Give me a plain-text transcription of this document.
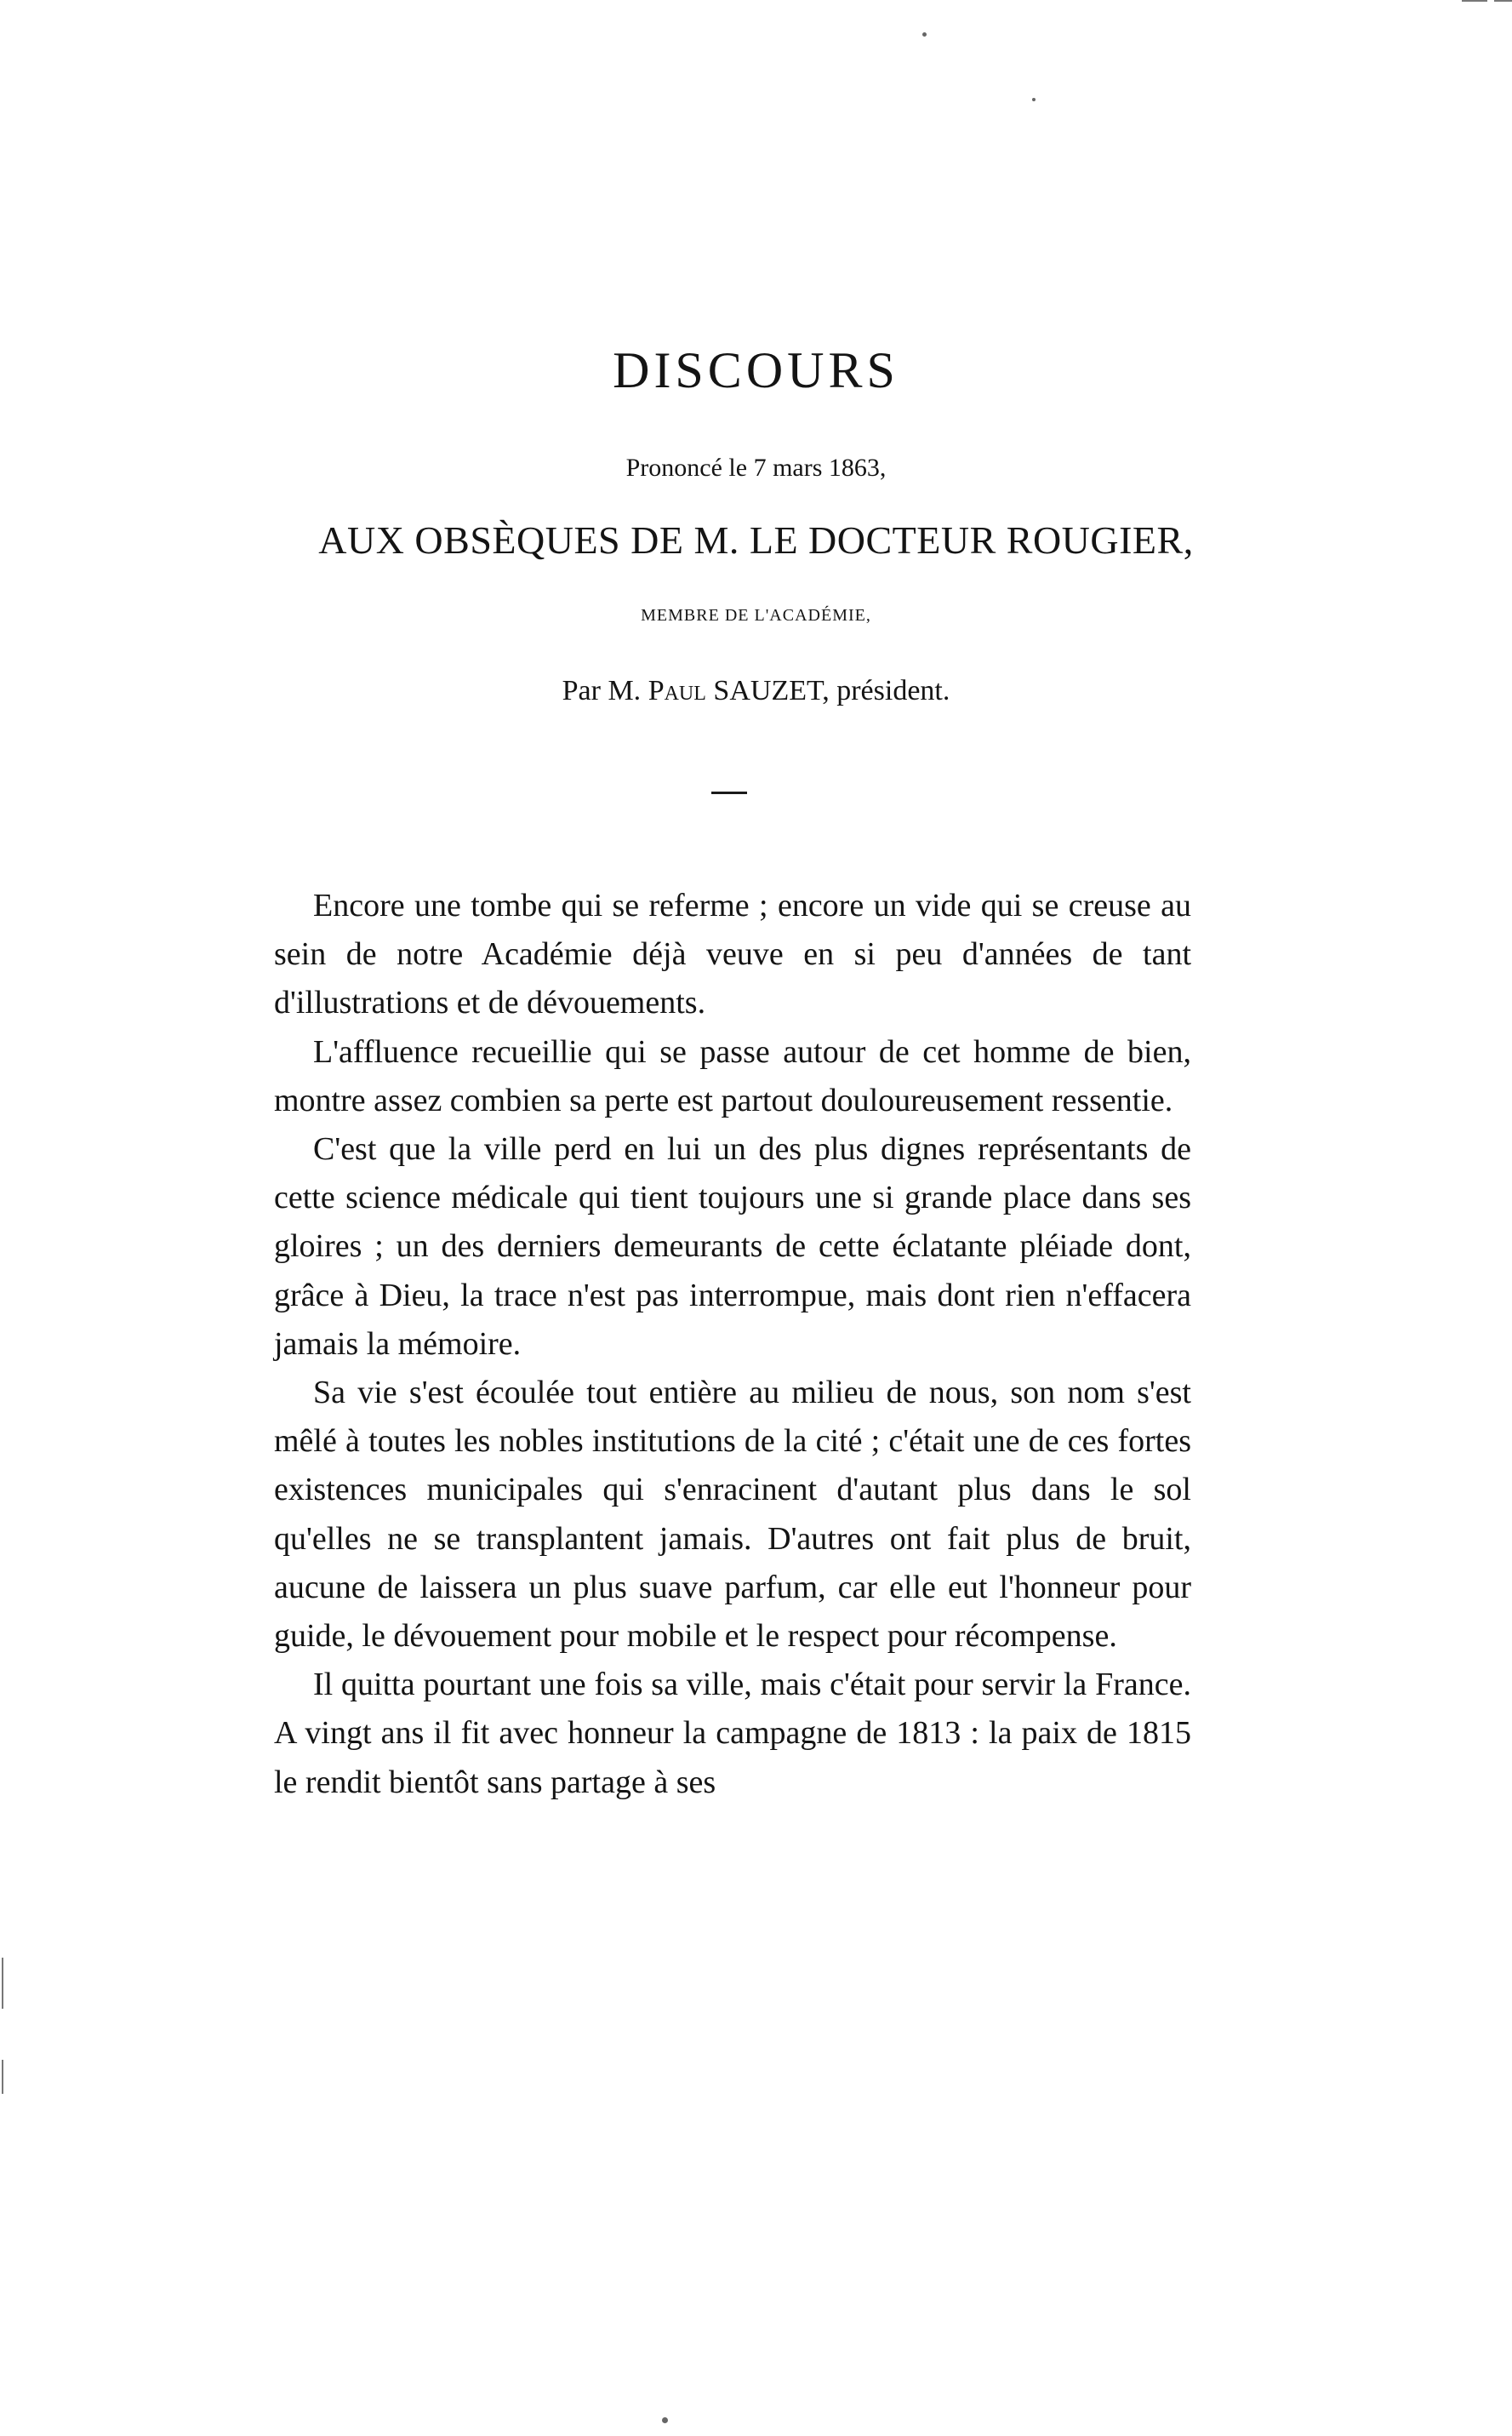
DISCOURS
Prononcé le 7 mars 1863,
AUX OBSÈQUES DE M. LE DOCTEUR ROUGIER,
MEMBRE DE L'ACADÉMIE,
Par M. Paul SAUZET, président.

Encore une tombe qui se referme ; encore un vide qui se creuse au sein de notre Académie déjà veuve en si peu d'années de tant d'illustrations et de dévouements.

L'affluence recueillie qui se passe autour de cet homme de bien, montre assez combien sa perte est partout douloureusement ressentie.

C'est que la ville perd en lui un des plus dignes représentants de cette science médicale qui tient toujours une si grande place dans ses gloires ; un des derniers demeurants de cette éclatante pléiade dont, grâce à Dieu, la trace n'est pas interrompue, mais dont rien n'effacera jamais la mémoire.

Sa vie s'est écoulée tout entière au milieu de nous, son nom s'est mêlé à toutes les nobles institutions de la cité ; c'était une de ces fortes existences municipales qui s'enracinent d'autant plus dans le sol qu'elles ne se transplantent jamais. D'autres ont fait plus de bruit, aucune de laissera un plus suave parfum, car elle eut l'honneur pour guide, le dévouement pour mobile et le respect pour récompense.

Il quitta pourtant une fois sa ville, mais c'était pour servir la France. A vingt ans il fit avec honneur la campagne de 1813 : la paix de 1815 le rendit bientôt sans partage à ses
